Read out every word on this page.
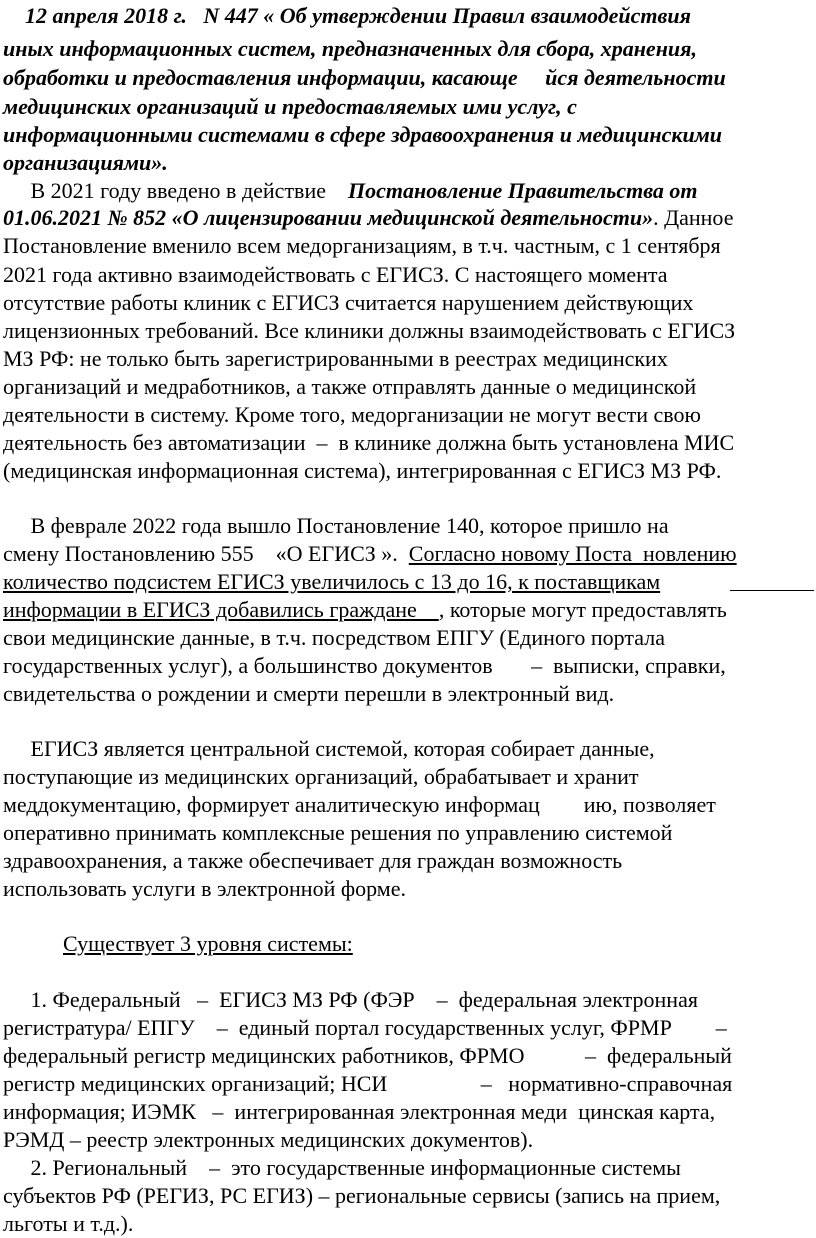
12 апреля 2018 г.   N 447 « Об утверждении Правил взаимодействия
иных информационных систем, предназначенных для сбора, хранения,
обработки и предоставления информации, касающе     йся деятельности
медицинских организаций и предоставляемых ими услуг, с
информационными системами в сфере здравоохранения и медицинскими
организациями».
В 2021 году введено в действие    Постановление Правительства от
01.06.2021 № 852 «О лицензировании медицинской деятельности». Данное
Постановление вменило всем медорганизациям, в т.ч. частным, с 1 сентября
2021 года активно взаимодействовать с ЕГИСЗ. С настоящего момента
отсутствие работы клиник с ЕГИСЗ считается нарушением действующих
лицензионных требований. Все клиники должны взаимодействовать с ЕГИСЗ
МЗ РФ: не только быть зарегистрированными в реестрах медицинских
организаций и медработников, а также отправлять данные о медицинской
деятельности в систему. Кроме того, медорганизации не могут вести свою
деятельность без автоматизации  –  в клинике должна быть установлена МИС
(медицинская информационная система), интегрированная с ЕГИСЗ МЗ РФ.
В феврале 2022 года вышло Постановление 140, которое пришло на
смену Постановлению 555    «О ЕГИСЗ ».  Согласно новому Поста  новлению
количество подсистем ЕГИСЗ увеличилось с 13 до 16, к поставщикам
информации в ЕГИСЗ добавились граждане    , которые могут предоставлять
свои медицинские данные, в т.ч. посредством ЕПГУ (Единого портала
государственных услуг), а большинство документов       –  выписки, справки,
свидетельства о рождении и смерти перешли в электронный вид.
ЕГИСЗ является центральной системой, которая собирает данные,
поступающие из медицинских организаций, обрабатывает и хранит
меддокументацию, формирует аналитическую информац        ию, позволяет
оперативно принимать комплексные решения по управлению системой
здравоохранения, а также обеспечивает для граждан возможность
использовать услуги в электронной форме.
Существует 3 уровня системы:
1. Федеральный   –  ЕГИСЗ МЗ РФ (ФЭР    –  федеральная электронная
регистратура/ ЕПГУ    –  единый портал государственных услуг, ФРМР        –
федеральный регистр медицинских работников, ФРМО           –  федеральный
регистр медицинских организаций; НСИ                 –   нормативно-справочная
информация; ИЭМК   –  интегрированная электронная меди  цинская карта,
РЭМД – реестр электронных медицинских документов).
2. Региональный    –  это государственные информационные системы
субъектов РФ (РЕГИЗ, РС ЕГИЗ) – региональные сервисы (запись на прием,
льготы и т.д.).
